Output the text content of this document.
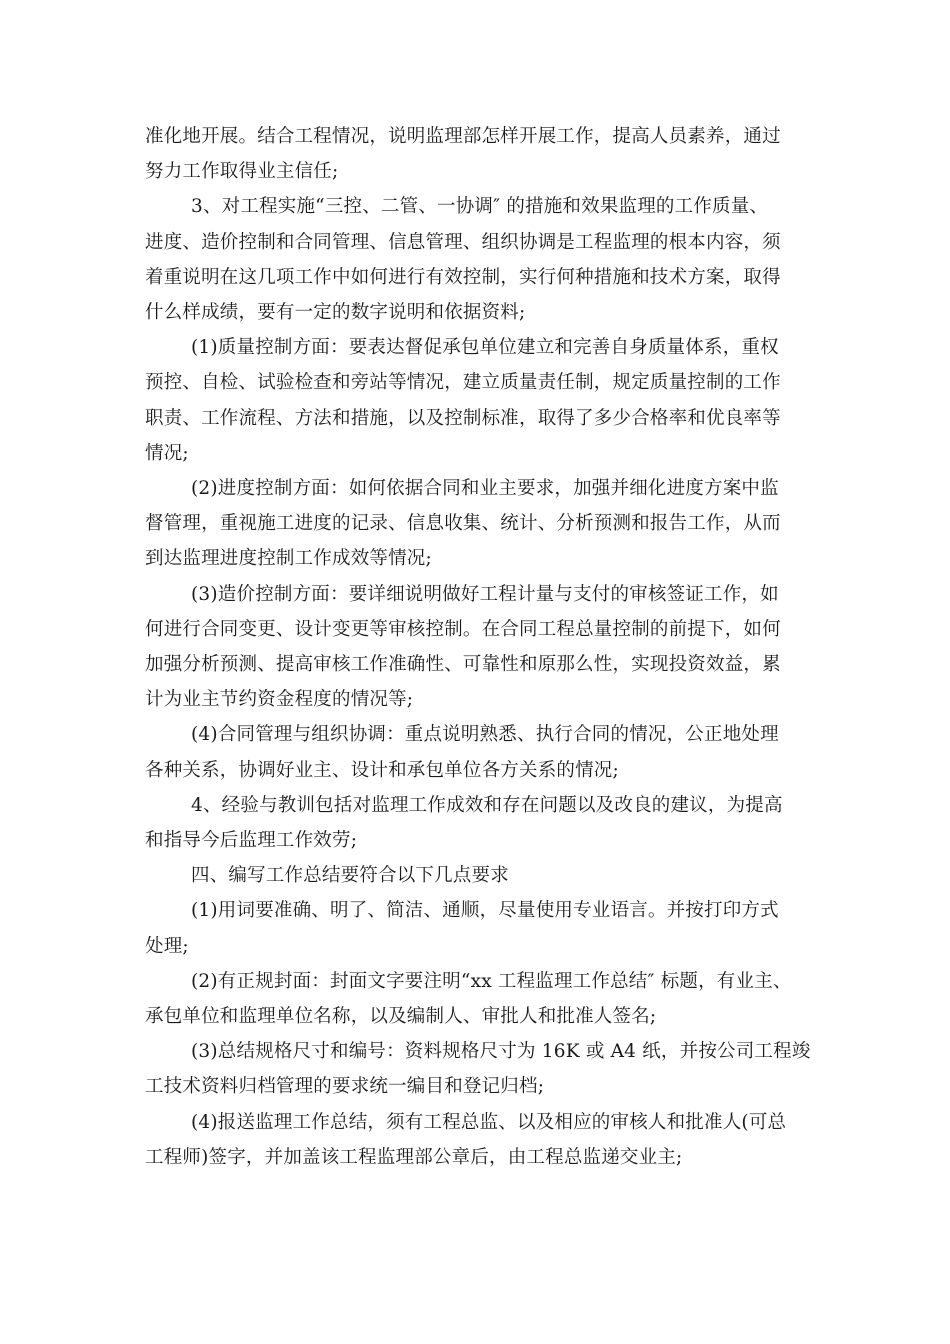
准化地开展。结合工程情况，说明监理部怎样开展工作，提高人员素养，通过
努力工作取得业主信任;

3、对工程实施“三控、二管、一协调″ 的措施和效果监理的工作质量、
进度、造价控制和合同管理、信息管理、组织协调是工程监理的根本内容，须
着重说明在这几项工作中如何进行有效控制，实行何种措施和技术方案，取得
什么样成绩，要有一定的数字说明和依据资料;

(1)质量控制方面：要表达督促承包单位建立和完善自身质量体系，重权
预控、自检、试验检查和旁站等情况，建立质量责任制，规定质量控制的工作
职责、工作流程、方法和措施，以及控制标准，取得了多少合格率和优良率等
情况;

(2)进度控制方面：如何依据合同和业主要求，加强并细化进度方案中监
督管理，重视施工进度的记录、信息收集、统计、分析预测和报告工作，从而
到达监理进度控制工作成效等情况;

(3)造价控制方面：要详细说明做好工程计量与支付的审核签证工作，如
何进行合同变更、设计变更等审核控制。在合同工程总量控制的前提下，如何
加强分析预测、提高审核工作准确性、可靠性和原那么性，实现投资效益，累
计为业主节约资金程度的情况等;

(4)合同管理与组织协调：重点说明熟悉、执行合同的情况，公正地处理
各种关系，协调好业主、设计和承包单位各方关系的情况;

4、经验与教训包括对监理工作成效和存在问题以及改良的建议，为提高
和指导今后监理工作效劳;

四、编写工作总结要符合以下几点要求

(1)用词要准确、明了、简洁、通顺，尽量使用专业语言。并按打印方式
处理;

(2)有正规封面：封面文字要注明“xx 工程监理工作总结″ 标题，有业主、
承包单位和监理单位名称，以及编制人、审批人和批准人签名;

(3)总结规格尺寸和编号：资料规格尺寸为 16K 或 A4 纸，并按公司工程竣
工技术资料归档管理的要求统一编目和登记归档;

(4)报送监理工作总结，须有工程总监、以及相应的审核人和批准人(可总
工程师)签字，并加盖该工程监理部公章后，由工程总监递交业主;
